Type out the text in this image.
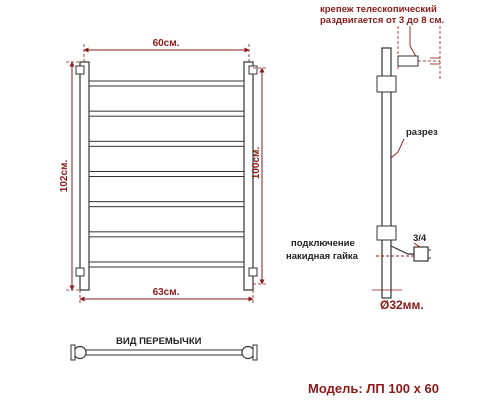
60см.
63см.
102см.	100см.
крепеж телескопический
раздвигается от 3 до 8 см.
разрез
3/4
подключение
накидная гайка
Ø32мм.
ВИД ПЕРЕМЫЧКИ
Модель: ЛП 100 x 60
